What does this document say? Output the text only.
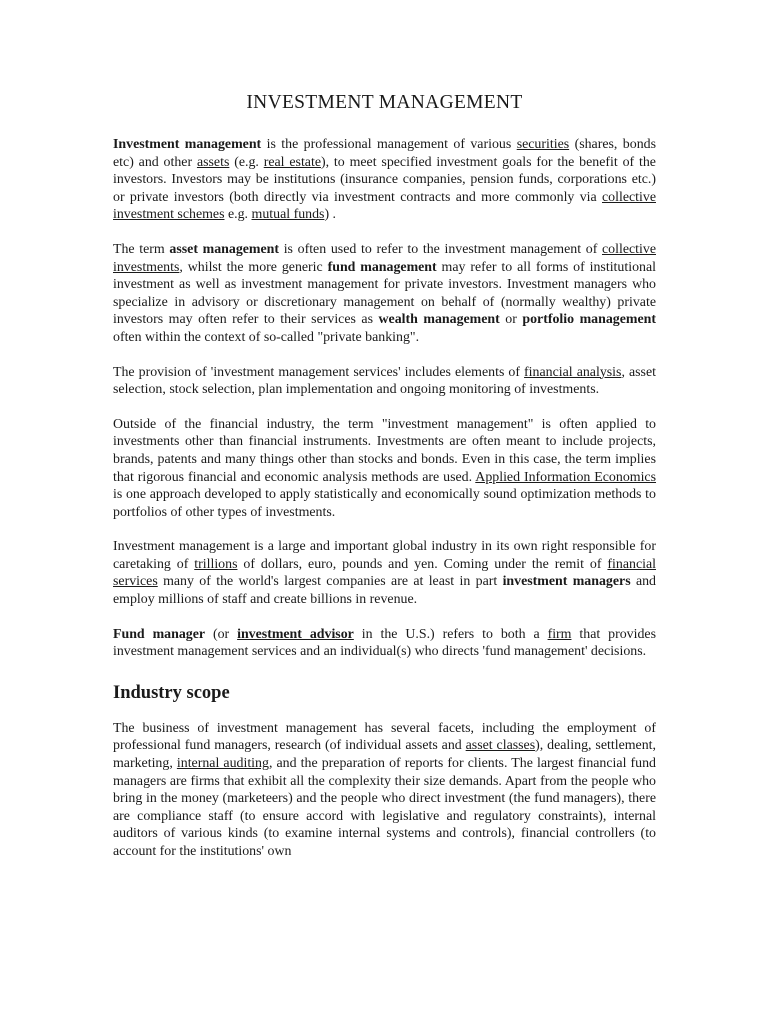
INVESTMENT MANAGEMENT

Investment management is the professional management of various securities (shares, bonds etc) and other assets (e.g. real estate), to meet specified investment goals for the benefit of the investors. Investors may be institutions (insurance companies, pension funds, corporations etc.) or private investors (both directly via investment contracts and more commonly via collective investment schemes e.g. mutual funds) .

The term asset management is often used to refer to the investment management of collective investments, whilst the more generic fund management may refer to all forms of institutional investment as well as investment management for private investors. Investment managers who specialize in advisory or discretionary management on behalf of (normally wealthy) private investors may often refer to their services as wealth management or portfolio management often within the context of so-called "private banking".

The provision of 'investment management services' includes elements of financial analysis, asset selection, stock selection, plan implementation and ongoing monitoring of investments.

Outside of the financial industry, the term "investment management" is often applied to investments other than financial instruments. Investments are often meant to include projects, brands, patents and many things other than stocks and bonds. Even in this case, the term implies that rigorous financial and economic analysis methods are used. Applied Information Economics is one approach developed to apply statistically and economically sound optimization methods to portfolios of other types of investments.

Investment management is a large and important global industry in its own right responsible for caretaking of trillions of dollars, euro, pounds and yen. Coming under the remit of financial services many of the world's largest companies are at least in part investment managers and employ millions of staff and create billions in revenue.

Fund manager (or investment advisor in the U.S.) refers to both a firm that provides investment management services and an individual(s) who directs 'fund management' decisions.

Industry scope

The business of investment management has several facets, including the employment of professional fund managers, research (of individual assets and asset classes), dealing, settlement, marketing, internal auditing, and the preparation of reports for clients. The largest financial fund managers are firms that exhibit all the complexity their size demands. Apart from the people who bring in the money (marketeers) and the people who direct investment (the fund managers), there are compliance staff (to ensure accord with legislative and regulatory constraints), internal auditors of various kinds (to examine internal systems and controls), financial controllers (to account for the institutions' own
